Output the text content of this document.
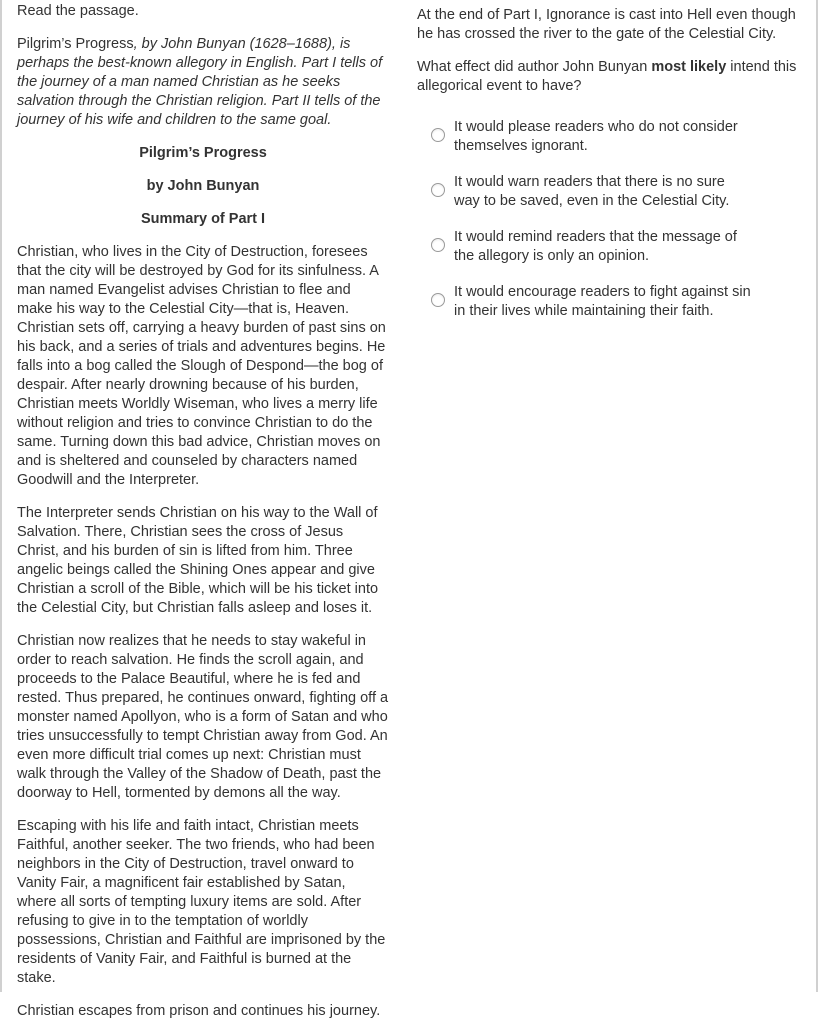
Read the passage.

Pilgrim’s Progress, by John Bunyan (1628–1688), is perhaps the best-known allegory in English. Part I tells of the journey of a man named Christian as he seeks salvation through the Christian religion. Part II tells of the journey of his wife and children to the same goal.

Pilgrim’s Progress

by John Bunyan

Summary of Part I

Christian, who lives in the City of Destruction, foresees that the city will be destroyed by God for its sinfulness. A man named Evangelist advises Christian to flee and make his way to the Celestial City—that is, Heaven. Christian sets off, carrying a heavy burden of past sins on his back, and a series of trials and adventures begins. He falls into a bog called the Slough of Despond—the bog of despair. After nearly drowning because of his burden, Christian meets Worldly Wiseman, who lives a merry life without religion and tries to convince Christian to do the same. Turning down this bad advice, Christian moves on and is sheltered and counseled by characters named Goodwill and the Interpreter.

The Interpreter sends Christian on his way to the Wall of Salvation. There, Christian sees the cross of Jesus Christ, and his burden of sin is lifted from him. Three angelic beings called the Shining Ones appear and give Christian a scroll of the Bible, which will be his ticket into the Celestial City, but Christian falls asleep and loses it.

Christian now realizes that he needs to stay wakeful in order to reach salvation. He finds the scroll again, and proceeds to the Palace Beautiful, where he is fed and rested. Thus prepared, he continues onward, fighting off a monster named Apollyon, who is a form of Satan and who tries unsuccessfully to tempt Christian away from God. An even more difficult trial comes up next: Christian must walk through the Valley of the Shadow of Death, past the doorway to Hell, tormented by demons all the way.

Escaping with his life and faith intact, Christian meets Faithful, another seeker. The two friends, who had been neighbors in the City of Destruction, travel onward to Vanity Fair, a magnificent fair established by Satan, where all sorts of tempting luxury items are sold. After refusing to give in to the temptation of worldly possessions, Christian and Faithful are imprisoned by the residents of Vanity Fair, and Faithful is burned at the stake.

Christian escapes from prison and continues his journey.

At the end of Part I, Ignorance is cast into Hell even though he has crossed the river to the gate of the Celestial City.

What effect did author John Bunyan most likely intend this allegorical event to have?

It would please readers who do not consider themselves ignorant.
It would warn readers that there is no sure way to be saved, even in the Celestial City.
It would remind readers that the message of the allegory is only an opinion.
It would encourage readers to fight against sin in their lives while maintaining their faith.
